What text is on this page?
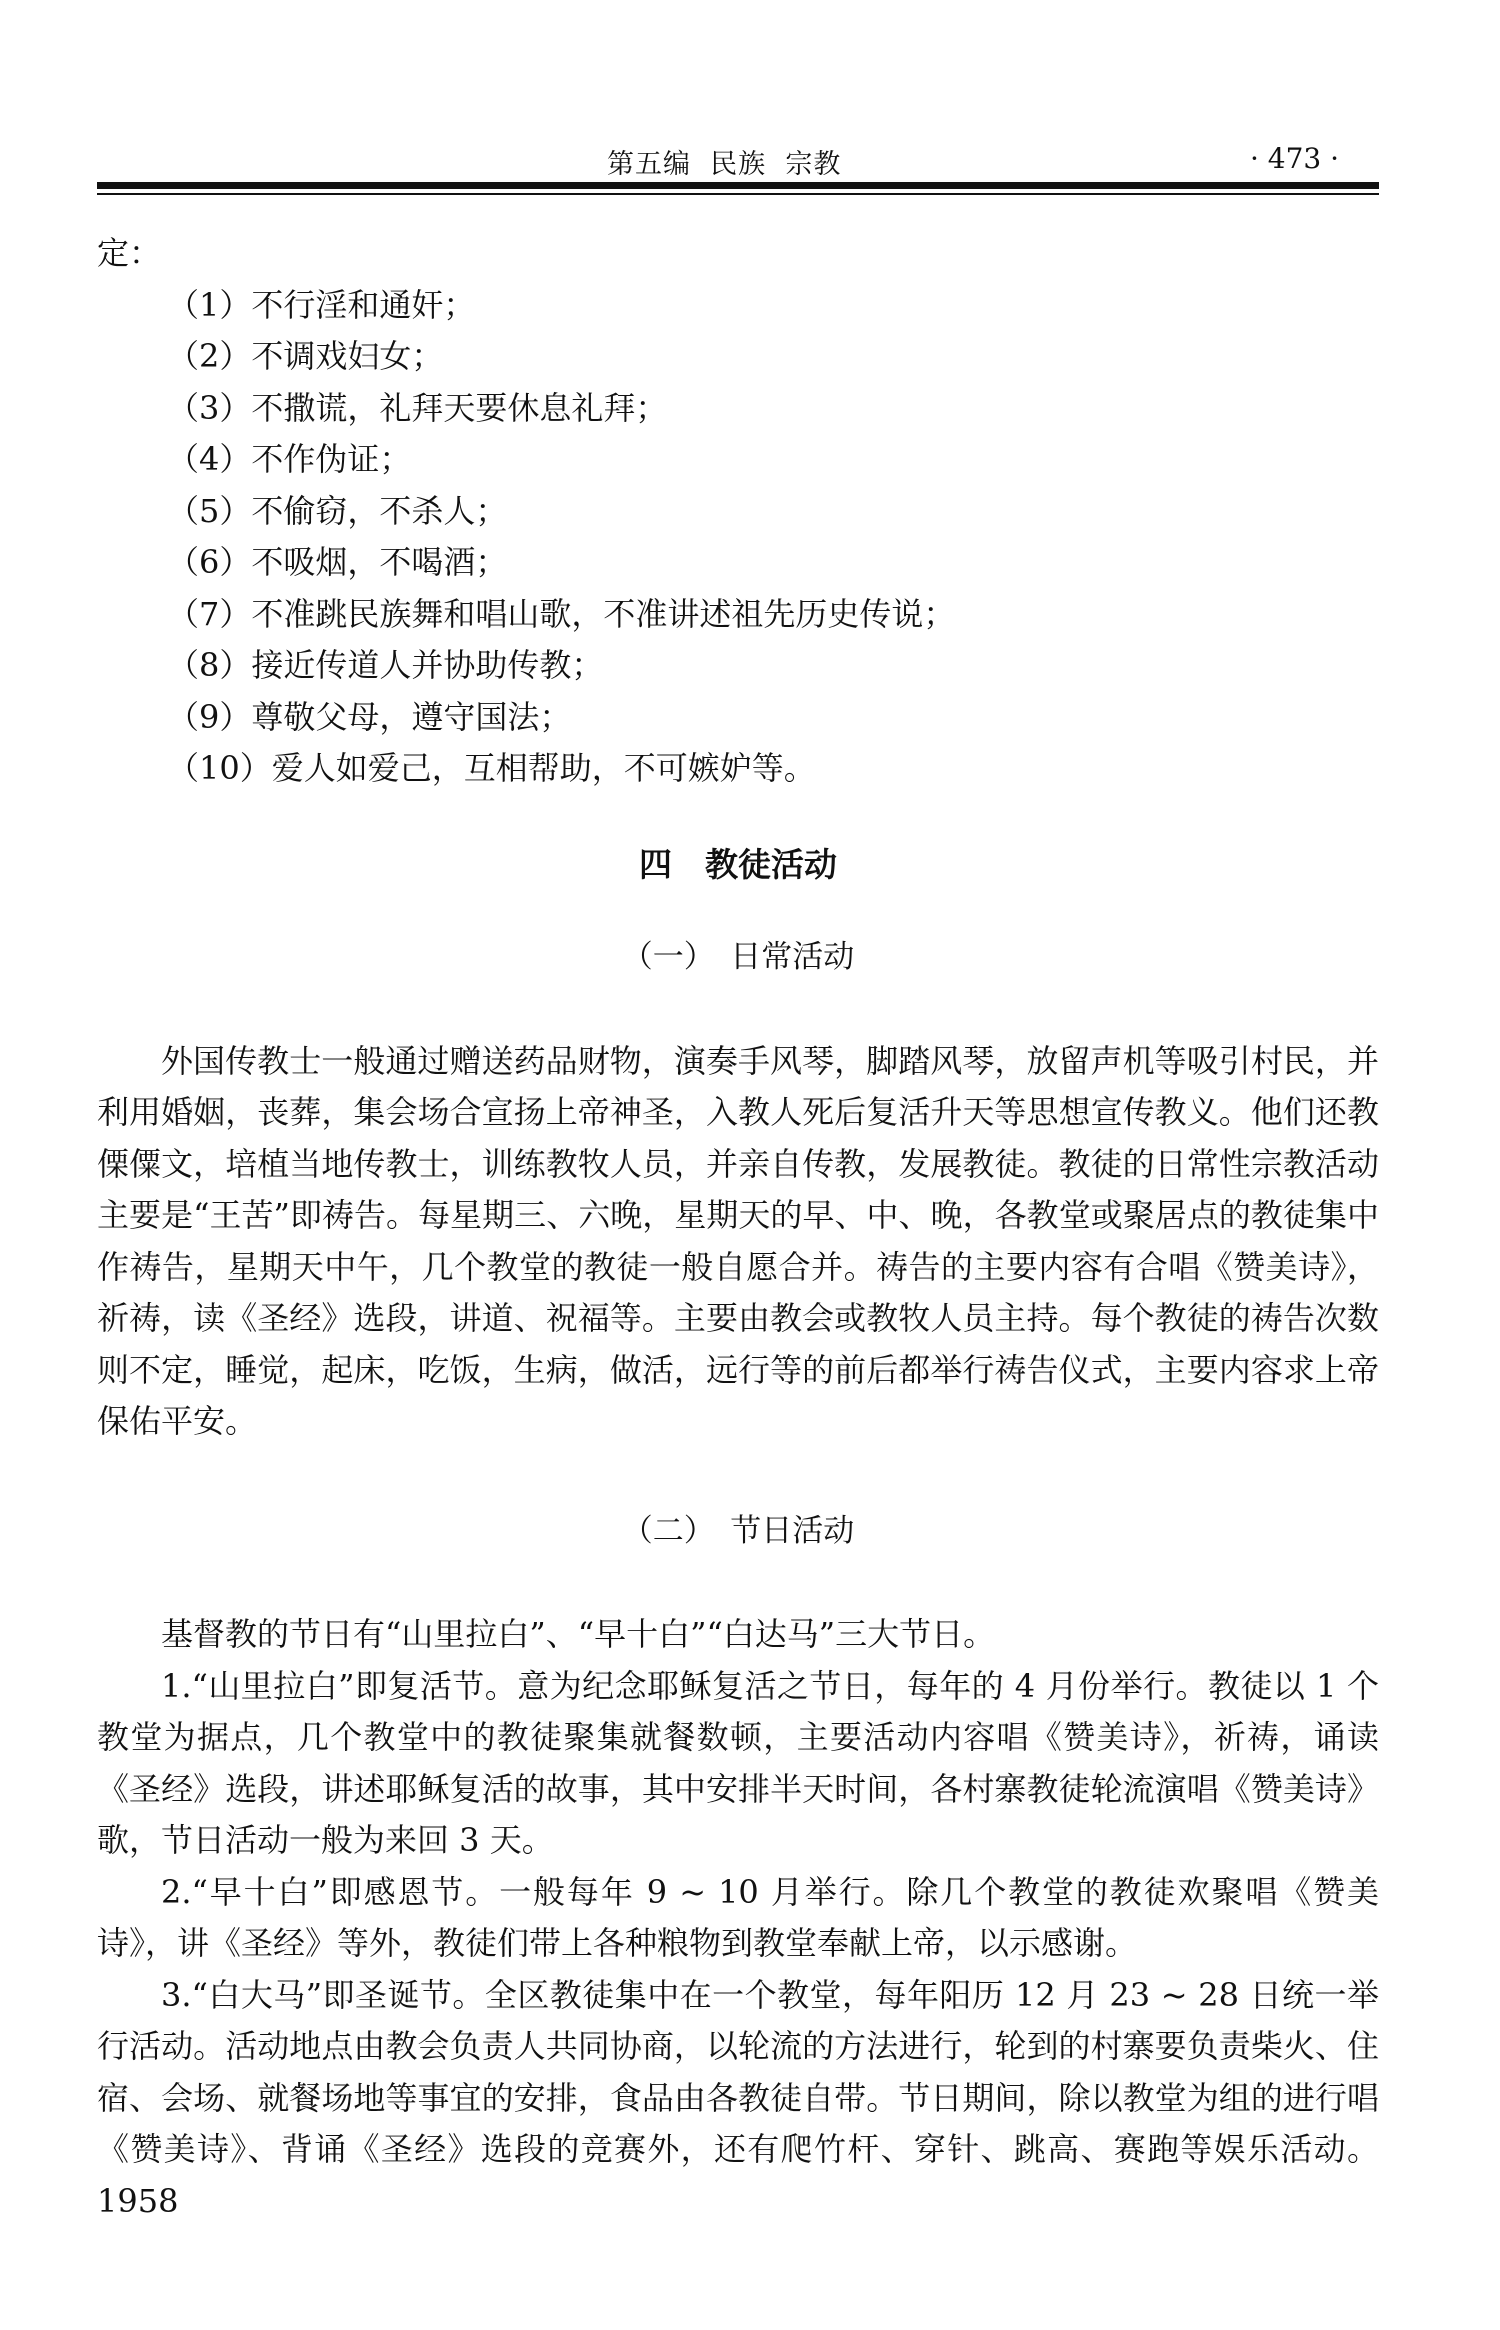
第五编  民族  宗教	· 473 ·

定：

（1）不行淫和通奸；
（2）不调戏妇女；
（3）不撒谎，礼拜天要休息礼拜；
（4）不作伪证；
（5）不偷窃，不杀人；
（6）不吸烟，不喝酒；
（7）不准跳民族舞和唱山歌，不准讲述祖先历史传说；
（8）接近传道人并协助传教；
（9）尊敬父母，遵守国法；
（10）爱人如爱己，互相帮助，不可嫉妒等。
四　教徒活动
（一）　日常活动

外国传教士一般通过赠送药品财物，演奏手风琴，脚踏风琴，放留声机等吸引村民，并利用婚姻，丧葬，集会场合宣扬上帝神圣，入教人死后复活升天等思想宣传教义。他们还教傈僳文，培植当地传教士，训练教牧人员，并亲自传教，发展教徒。教徒的日常性宗教活动主要是“王苦”即祷告。每星期三、六晚，星期天的早、中、晚，各教堂或聚居点的教徒集中作祷告，星期天中午，几个教堂的教徒一般自愿合并。祷告的主要内容有合唱《赞美诗》，祈祷，读《圣经》选段，讲道、祝福等。主要由教会或教牧人员主持。每个教徒的祷告次数则不定，睡觉，起床，吃饭，生病，做活，远行等的前后都举行祷告仪式，主要内容求上帝保佑平安。

（二）　节日活动

基督教的节日有“山里拉白”、“早十白”“白达马”三大节日。

1.“山里拉白”即复活节。意为纪念耶稣复活之节日，每年的 4 月份举行。教徒以 1 个教堂为据点，几个教堂中的教徒聚集就餐数顿，主要活动内容唱《赞美诗》，祈祷，诵读《圣经》选段，讲述耶稣复活的故事，其中安排半天时间，各村寨教徒轮流演唱《赞美诗》歌，节日活动一般为来回 3 天。

2.“早十白”即感恩节。一般每年 9 ~ 10 月举行。除几个教堂的教徒欢聚唱《赞美诗》，讲《圣经》等外，教徒们带上各种粮物到教堂奉献上帝，以示感谢。

3.“白大马”即圣诞节。全区教徒集中在一个教堂，每年阳历 12 月 23 ~ 28 日统一举行活动。活动地点由教会负责人共同协商，以轮流的方法进行，轮到的村寨要负责柴火、住宿、会场、就餐场地等事宜的安排，食品由各教徒自带。节日期间，除以教堂为组的进行唱《赞美诗》、背诵《圣经》选段的竞赛外，还有爬竹杆、穿针、跳高、赛跑等娱乐活动。1958
